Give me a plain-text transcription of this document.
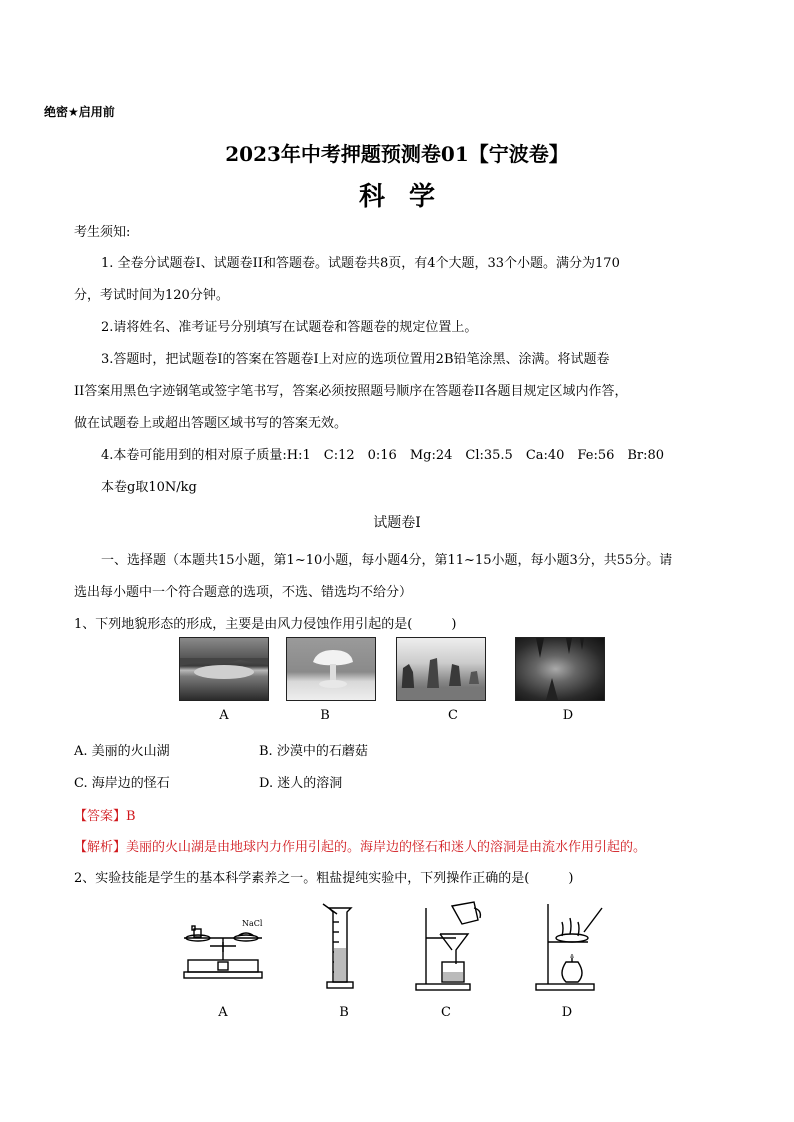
绝密★启用前
2023年中考押题预测卷01【宁波卷】
科学
考生须知:
1. 全卷分试题卷I、试题卷II和答题卷。试题卷共8页，有4个大题，33个小题。满分为170
分，考试时间为120分钟。
2.请将姓名、准考证号分别填写在试题卷和答题卷的规定位置上。
3.答题时，把试题卷I的答案在答题卷I上对应的选项位置用2B铅笔涂黑、涂满。将试题卷
II答案用黑色字迹钢笔或签字笔书写，答案必须按照题号顺序在答题卷II各题目规定区域内作答，
做在试题卷上或超出答题区域书写的答案无效。
4.本卷可能用到的相对原子质量:H:1　C:12　0:16　Mg:24　Cl:35.5　Ca:40　Fe:56　Br:80
本卷g取10N/kg
试题卷I
一、选择题（本题共15小题，第1~10小题，每小题4分，第11~15小题，每小题3分，共55分。请
选出每小题中一个符合题意的选项，不选、错选均不给分）
1、下列地貌形态的形成，主要是由风力侵蚀作用引起的是(　　　)
A	B	C	D
A. 美丽的火山湖	B. 沙漠中的石蘑菇
C. 海岸边的怪石	D. 迷人的溶洞
【答案】B
【解析】美丽的火山湖是由地球内力作用引起的。海岸边的怪石和迷人的溶洞是由流水作用引起的。
2、实验技能是学生的基本科学素养之一。粗盐提纯实验中，下列操作正确的是(　　　)
NaCl
A	B	C	D
